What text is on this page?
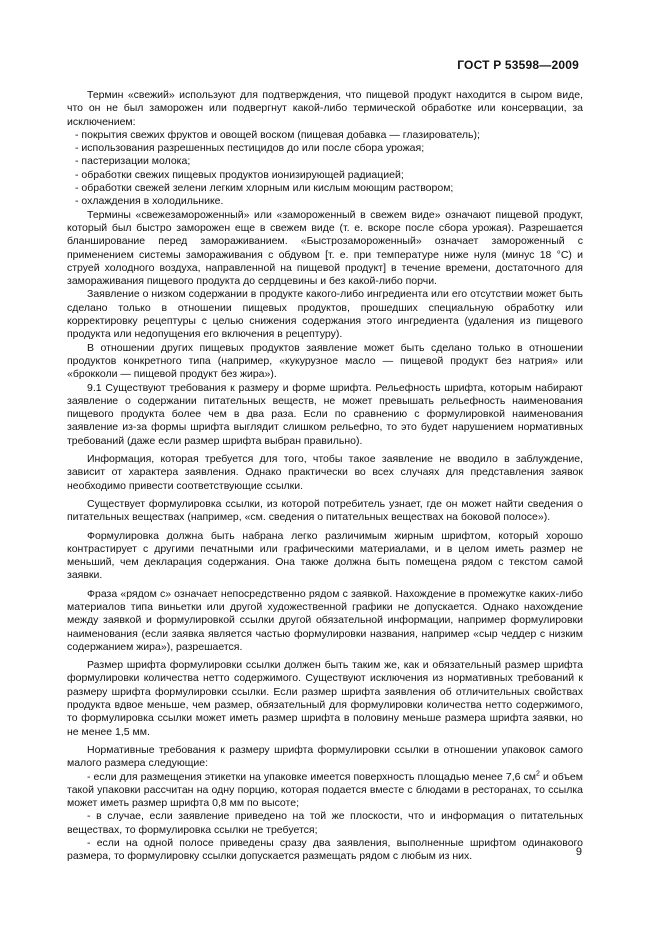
ГОСТ Р 53598—2009

Термин «свежий» используют для подтверждения, что пищевой продукт находится в сыром виде, что он не был заморожен или подвергнут какой-либо термической обработке или консервации, за исключением:

- покрытия свежих фруктов и овощей воском (пищевая добавка — глазирователь);

- использования разрешенных пестицидов до или после сбора урожая;

- пастеризации молока;

- обработки свежих пищевых продуктов ионизирующей радиацией;

- обработки свежей зелени легким хлорным или кислым моющим раствором;

- охлаждения в холодильнике.

Термины «свежезамороженный» или «замороженный в свежем виде» означают пищевой продукт, который был быстро заморожен еще в свежем виде (т. е. вскоре после сбора урожая). Разрешается бланширование перед замораживанием. «Быстрозамороженный» означает замороженный с применением системы замораживания с обдувом [т. е. при температуре ниже нуля (минус 18 °С) и струей холодного воздуха, направленной на пищевой продукт] в течение времени, достаточного для замораживания пищевого продукта до сердцевины и без какой-либо порчи.

Заявление о низком содержании в продукте какого-либо ингредиента или его отсутствии может быть сделано только в отношении пищевых продуктов, прошедших специальную обработку или корректировку рецептуры с целью снижения содержания этого ингредиента (удаления из пищевого продукта или недопущения его включения в рецептуру).

В отношении других пищевых продуктов заявление может быть сделано только в отношении продуктов конкретного типа (например, «кукурузное масло — пищевой продукт без натрия» или «брокколи — пищевой продукт без жира»).

9.1 Существуют требования к размеру и форме шрифта. Рельефность шрифта, которым набирают заявление о содержании питательных веществ, не может превышать рельефность наименования пищевого продукта более чем в два раза. Если по сравнению с формулировкой наименования заявление из-за формы шрифта выглядит слишком рельефно, то это будет нарушением нормативных требований (даже если размер шрифта выбран правильно).

Информация, которая требуется для того, чтобы такое заявление не вводило в заблуждение, зависит от характера заявления. Однако практически во всех случаях для представления заявок необходимо привести соответствующие ссылки.

Существует формулировка ссылки, из которой потребитель узнает, где он может найти сведения о питательных веществах (например, «см. сведения о питательных веществах на боковой полосе»).

Формулировка должна быть набрана легко различимым жирным шрифтом, который хорошо контрастирует с другими печатными или графическими материалами, и в целом иметь размер не меньший, чем декларация содержания. Она также должна быть помещена рядом с текстом самой заявки.

Фраза «рядом с» означает непосредственно рядом с заявкой. Нахождение в промежутке каких-либо материалов типа виньетки или другой художественной графики не допускается. Однако нахождение между заявкой и формулировкой ссылки другой обязательной информации, например формулировки наименования (если заявка является частью формулировки названия, например «сыр чеддер с низким содержанием жира»), разрешается.

Размер шрифта формулировки ссылки должен быть таким же, как и обязательный размер шрифта формулировки количества нетто содержимого. Существуют исключения из нормативных требований к размеру шрифта формулировки ссылки. Если размер шрифта заявления об отличительных свойствах продукта вдвое меньше, чем размер, обязательный для формулировки количества нетто содержимого, то формулировка ссылки может иметь размер шрифта в половину меньше размера шрифта заявки, но не менее 1,5 мм.

Нормативные требования к размеру шрифта формулировки ссылки в отношении упаковок самого малого размера следующие:

- если для размещения этикетки на упаковке имеется поверхность площадью менее 7,6 $см^2$ и объем такой упаковки рассчитан на одну порцию, которая подается вместе с блюдами в ресторанах, то ссылка может иметь размер шрифта 0,8 мм по высоте;

- в случае, если заявление приведено на той же плоскости, что и информация о питательных веществах, то формулировка ссылки не требуется;

- если на одной полосе приведены сразу два заявления, выполненные шрифтом одинакового размера, то формулировку ссылки допускается размещать рядом с любым из них.	9
